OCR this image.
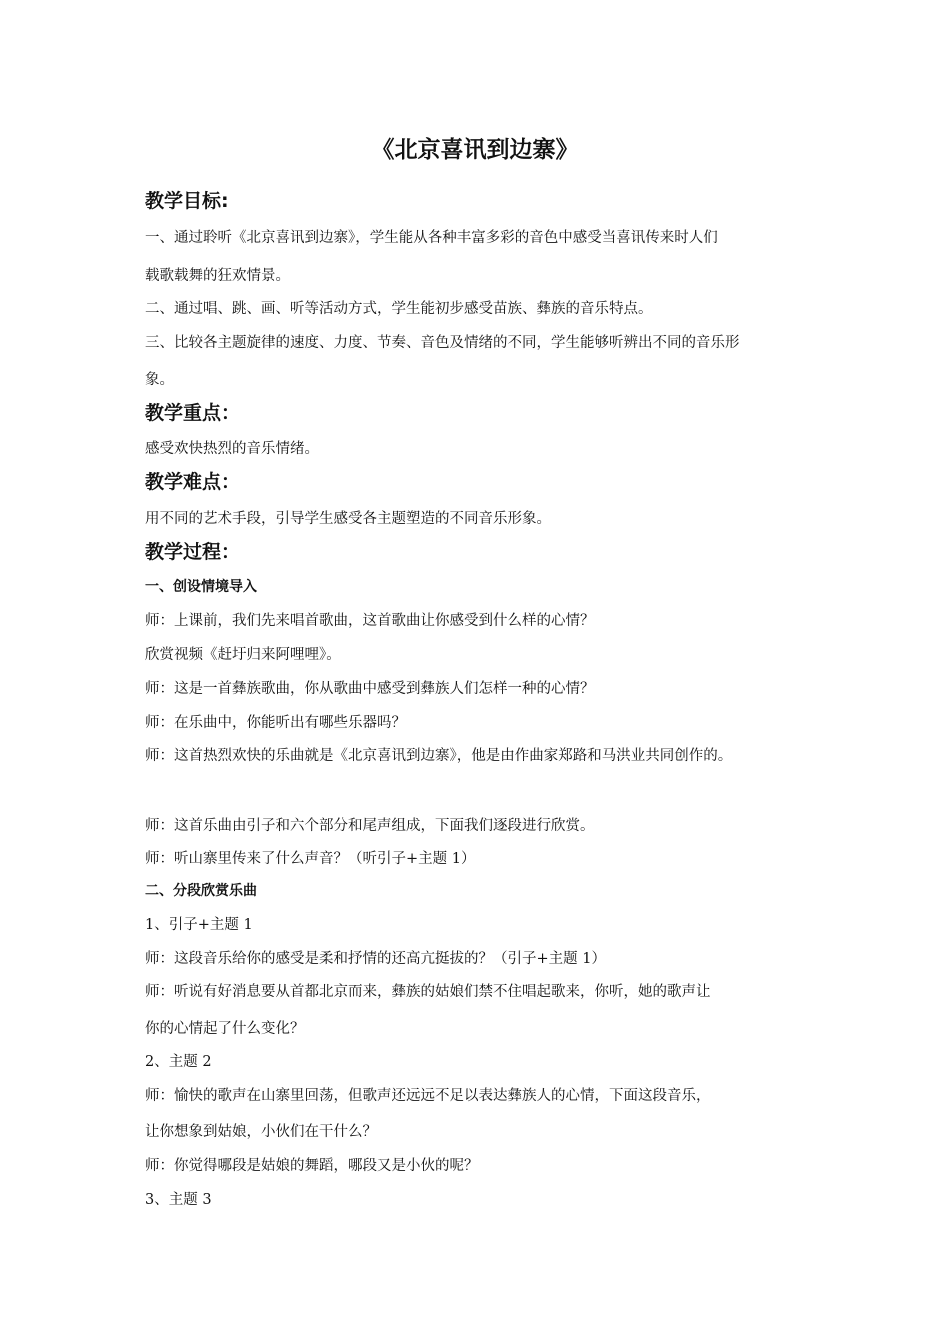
《北京喜讯到边寨》
教学目标:
一、通过聆听《北京喜讯到边寨》，学生能从各种丰富多彩的音色中感受当喜讯传来时人们
载歌载舞的狂欢情景。
二、通过唱、跳、画、听等活动方式，学生能初步感受苗族、彝族的音乐特点。
三、比较各主题旋律的速度、力度、节奏、音色及情绪的不同，学生能够听辨出不同的音乐形
象。
教学重点：
感受欢快热烈的音乐情绪。
教学难点：
用不同的艺术手段，引导学生感受各主题塑造的不同音乐形象。
教学过程：
一、创设情境导入
师：上课前，我们先来唱首歌曲，这首歌曲让你感受到什么样的心情？
欣赏视频《赶圩归来阿哩哩》。
师：这是一首彝族歌曲，你从歌曲中感受到彝族人们怎样一种的心情？
师：在乐曲中，你能听出有哪些乐器吗？
师：这首热烈欢快的乐曲就是《北京喜讯到边寨》，他是由作曲家郑路和马洪业共同创作的。
师：这首乐曲由引子和六个部分和尾声组成，下面我们逐段进行欣赏。
师：听山寨里传来了什么声音？（听引子+主题 1）
二、分段欣赏乐曲
1、引子+主题 1
师：这段音乐给你的感受是柔和抒情的还高亢挺拔的？（引子+主题 1）
师：听说有好消息要从首都北京而来，彝族的姑娘们禁不住唱起歌来，你听，她的歌声让
你的心情起了什么变化？
2、主题 2
师：愉快的歌声在山寨里回荡，但歌声还远远不足以表达彝族人的心情，下面这段音乐，
让你想象到姑娘，小伙们在干什么？
师：你觉得哪段是姑娘的舞蹈，哪段又是小伙的呢？
3、主题 3
